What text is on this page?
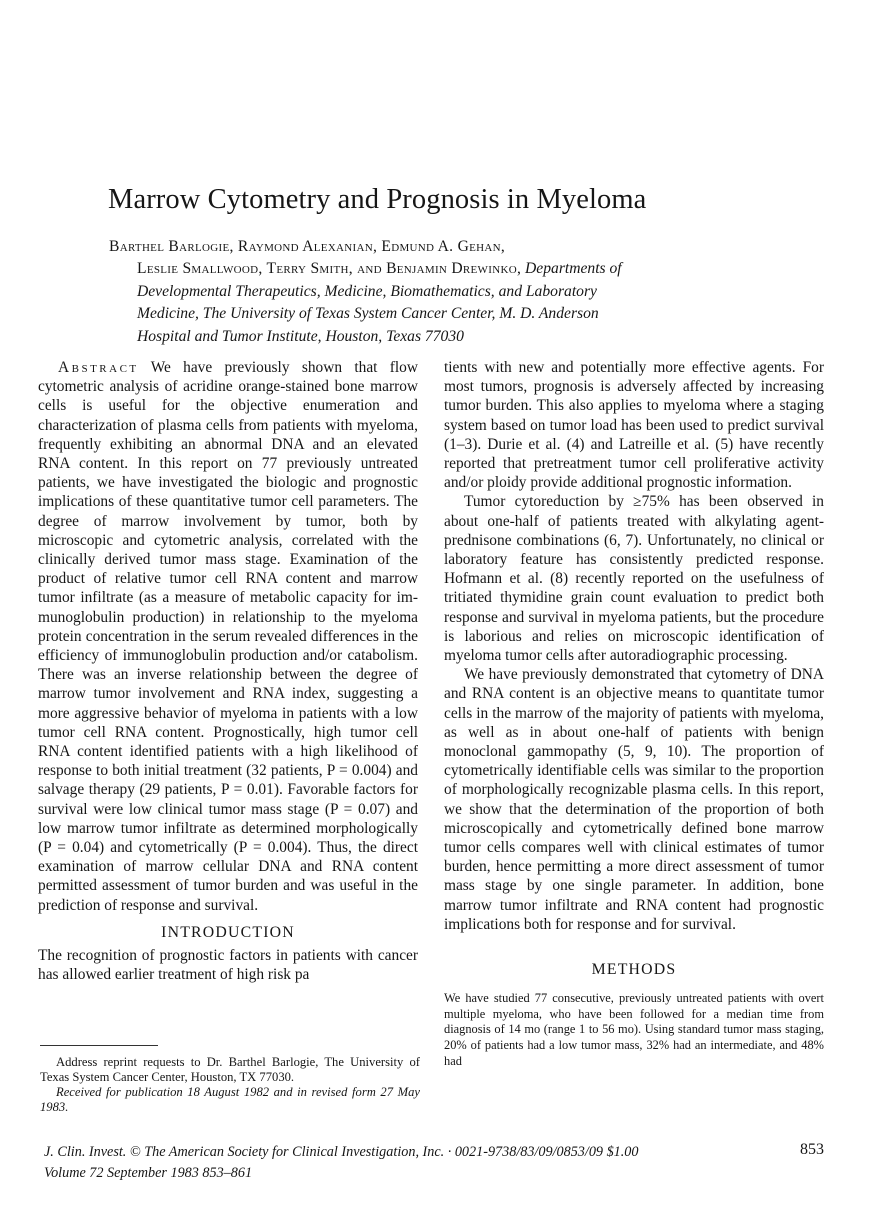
Marrow Cytometry and Prognosis in Myeloma
Barthel Barlogie, Raymond Alexanian, Edmund A. Gehan,
Leslie Smallwood, Terry Smith, and Benjamin Drewinko, Departments of
Developmental Therapeutics, Medicine, Biomathematics, and Laboratory
Medicine, The University of Texas System Cancer Center, M. D. Anderson
Hospital and Tumor Institute, Houston, Texas 77030

Abstract We have previously shown that flow cytometric analysis of acridine orange-stained bone marrow cells is useful for the objective enumeration and characterization of plasma cells from patients with myeloma, frequently exhibiting an abnormal DNA and an elevated RNA content. In this report on 77 previously untreated patients, we have investigated the biologic and prognostic implications of these quantitative tumor cell parameters. The degree of marrow involvement by tumor, both by microscopic and cytometric analysis, correlated with the clinically derived tumor mass stage. Examination of the product of relative tumor cell RNA content and marrow tumor infiltrate (as a measure of metabolic capacity for immunoglobulin production) in relationship to the myeloma protein concentration in the serum revealed differences in the efficiency of immunoglobulin production and/or catabolism. There was an inverse relationship between the degree of marrow tumor involvement and RNA index, suggesting a more aggressive behavior of myeloma in patients with a low tumor cell RNA content. Prognostically, high tumor cell RNA content identified patients with a high likelihood of response to both initial treatment (32 patients, P = 0.004) and salvage therapy (29 patients, P = 0.01). Favorable factors for survival were low clinical tumor mass stage (P = 0.07) and low marrow tumor infiltrate as determined morphologically (P = 0.04) and cytometrically (P = 0.004). Thus, the direct examination of marrow cellular DNA and RNA content permitted assessment of tumor burden and was useful in the prediction of response and survival.

INTRODUCTION

The recognition of prognostic factors in patients with cancer has allowed earlier treatment of high risk pa

tients with new and potentially more effective agents. For most tumors, prognosis is adversely affected by increasing tumor burden. This also applies to myeloma where a staging system based on tumor load has been used to predict survival (1–3). Durie et al. (4) and Latreille et al. (5) have recently reported that pretreatment tumor cell proliferative activity and/or ploidy provide additional prognostic information.

Tumor cytoreduction by ≥75% has been observed in about one-half of patients treated with alkylating agent-prednisone combinations (6, 7). Unfortunately, no clinical or laboratory feature has consistently predicted response. Hofmann et al. (8) recently reported on the usefulness of tritiated thymidine grain count evaluation to predict both response and survival in myeloma patients, but the procedure is laborious and relies on microscopic identification of myeloma tumor cells after autoradiographic processing.

We have previously demonstrated that cytometry of DNA and RNA content is an objective means to quantitate tumor cells in the marrow of the majority of patients with myeloma, as well as in about one-half of patients with benign monoclonal gammopathy (5, 9, 10). The proportion of cytometrically identifiable cells was similar to the proportion of morphologically recognizable plasma cells. In this report, we show that the determination of the proportion of both microscopically and cytometrically defined bone marrow tumor cells compares well with clinical estimates of tumor burden, hence permitting a more direct assessment of tumor mass stage by one single parameter. In addition, bone marrow tumor infiltrate and RNA content had prognostic implications both for response and for survival.

METHODS

We have studied 77 consecutive, previously untreated patients with overt multiple myeloma, who have been followed for a median time from diagnosis of 14 mo (range 1 to 56 mo). Using standard tumor mass staging, 20% of patients had a low tumor mass, 32% had an intermediate, and 48% had

Address reprint requests to Dr. Barthel Barlogie, The University of Texas System Cancer Center, Houston, TX 77030.

Received for publication 18 August 1982 and in revised form 27 May 1983.

J. Clin. Invest. © The American Society for Clinical Investigation, Inc. · 0021-9738/83/09/0853/09 $1.00	853
Volume 72 September 1983 853–861
